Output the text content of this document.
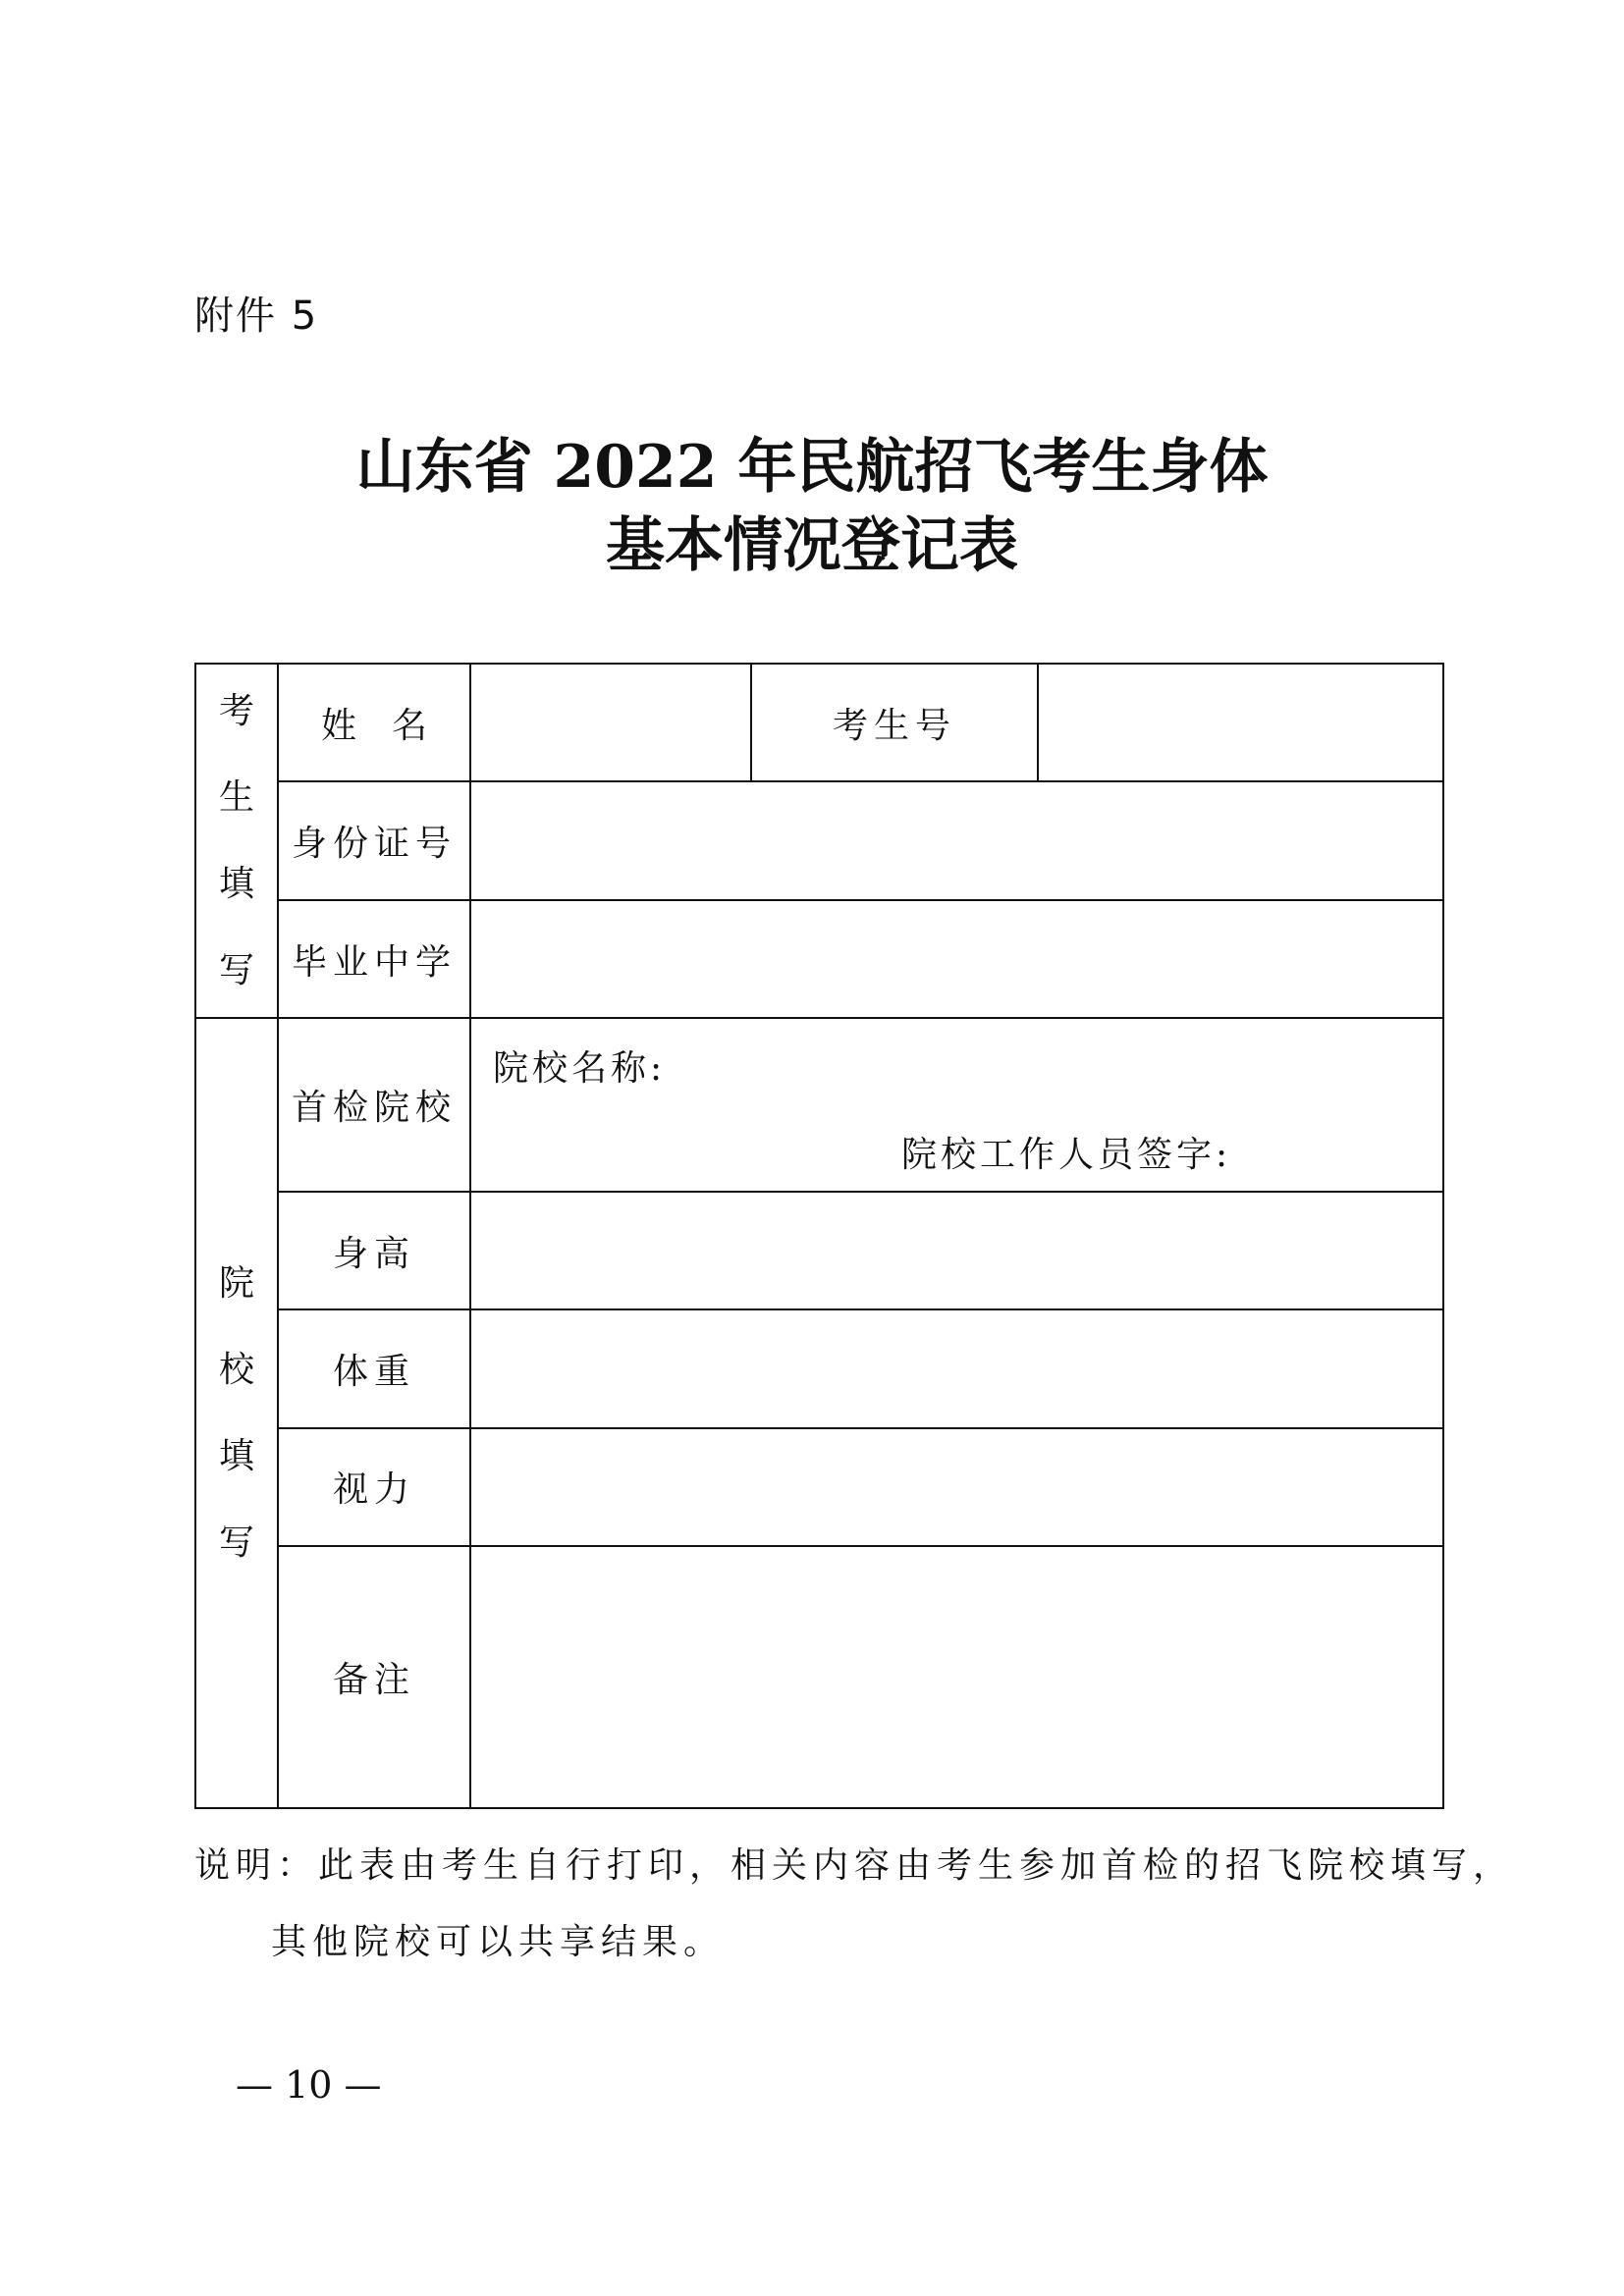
附件 5
山东省 2022 年民航招飞考生身体
基本情况登记表
考
生
填
写	姓　名		考生号	
	身份证号			
	毕业中学			

院
校
填
写	首检院校	院校名称:
院校工作人员签字:		

	身高			
	体重			
	视力			
	备注			
说明：此表由考生自行打印，相关内容由考生参加首检的招飞院校填写，
其他院校可以共享结果。
— 10 —
